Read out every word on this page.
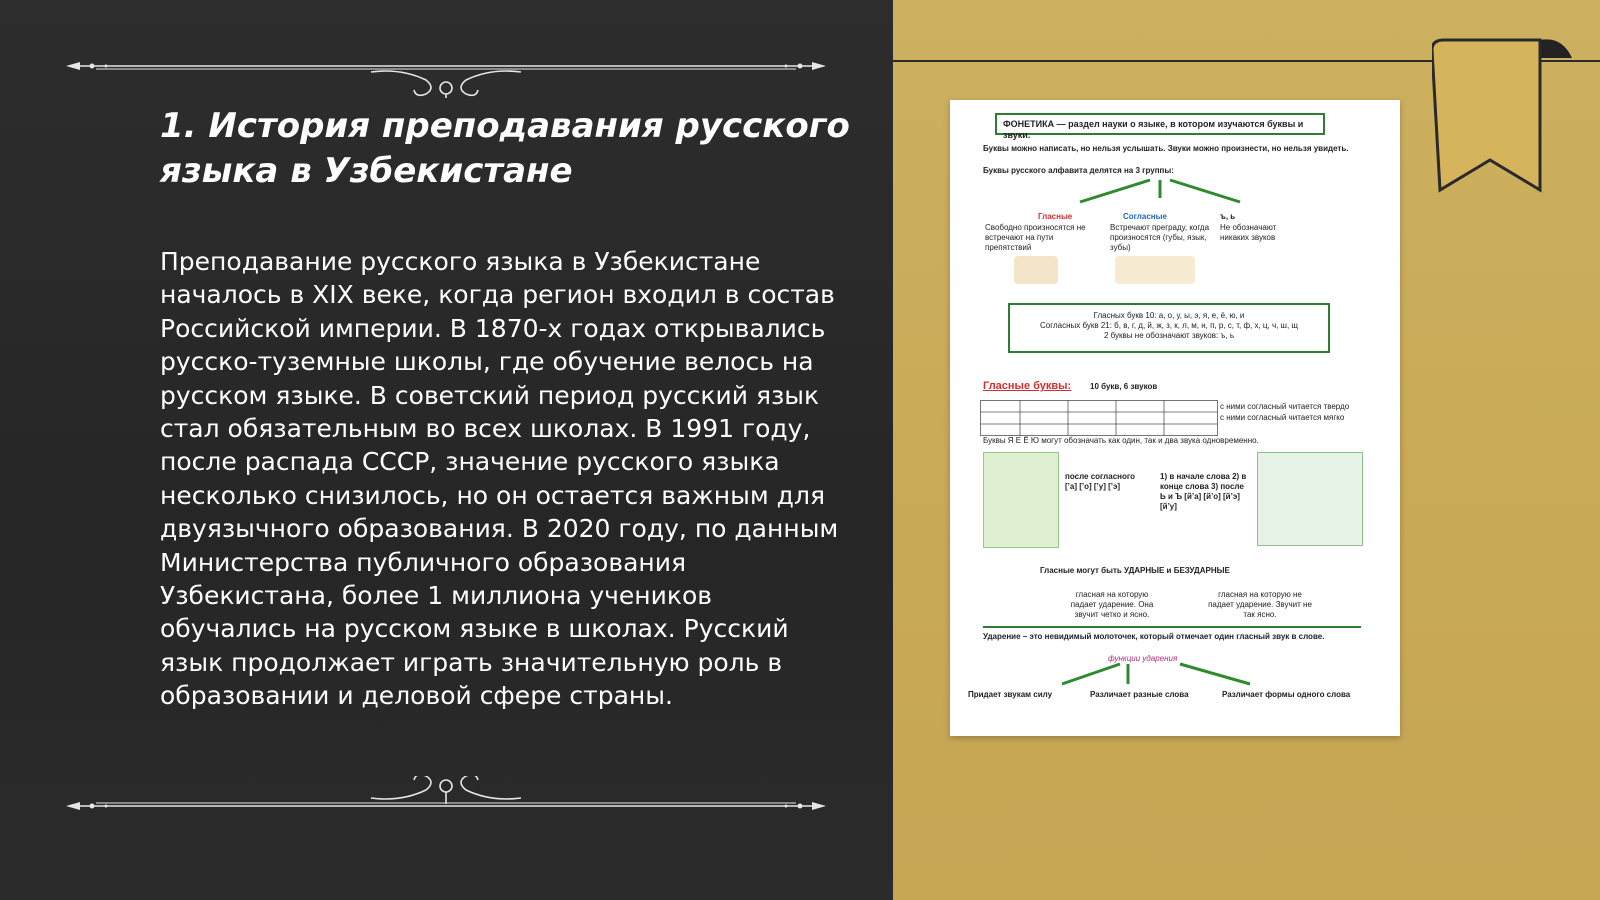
1. История преподавания русского языка в Узбекистане

Преподавание русского языка в Узбекистане началось в XIX веке, когда регион входил в состав Российской империи. В 1870-х годах открывались русско-туземные школы, где обучение велось на русском языке. В советский период русский язык стал обязательным во всех школах. В 1991 году, после распада СССР, значение русского языка несколько снизилось, но он остается важным для двуязычного образования. В 2020 году, по данным Министерства публичного образования Узбекистана, более 1 миллиона учеников обучались на русском языке в школах. Русский язык продолжает играть значительную роль в образовании и деловой сфере страны.

ФОНЕТИКА — раздел науки о языке, в котором изучаются буквы и звуки.
Буквы можно написать, но нельзя услышать. Звуки можно произнести, но нельзя увидеть.
Буквы русского алфавита делятся на 3 группы:
Гласные
Свободно произносятся не встречают на пути препятствий
Согласные
Встречают преграду, когда произносятся (губы, язык, зубы)
ъ, ь
Не обозначают никаких звуков
Гласных букв 10: а, о, у, ы, э, я, е, ё, ю, и
Согласных букв 21: б, в, г, д, й, ж, з, к, л, м, н, п, р, с, т, ф, х, ц, ч, ш, щ
2 буквы не обозначают звуков: ъ, ь
Гласные буквы: 10 букв, 6 звуков
с ними согласный читается твердо
с ними согласный читается мягко
Буквы Я Е Ё Ю могут обозначать как один, так и два звука одновременно.
после согласного [’а] [’о] [’у] [’э]
1) в начале слова 2) в конце слова 3) после Ь и Ъ [й’а] [й’о] [й’э] [й’у]
Гласные могут быть УДАРНЫЕ и БЕЗУДАРНЫЕ
гласная на которую падает ударение. Она звучит четко и ясно.
гласная на которую не падает ударение. Звучит не так ясно.
Ударение – это невидимый молоточек, который отмечает один гласный звук в слове.
функции ударения
Придает звукам силу	Различает разные слова	Различает формы одного слова
